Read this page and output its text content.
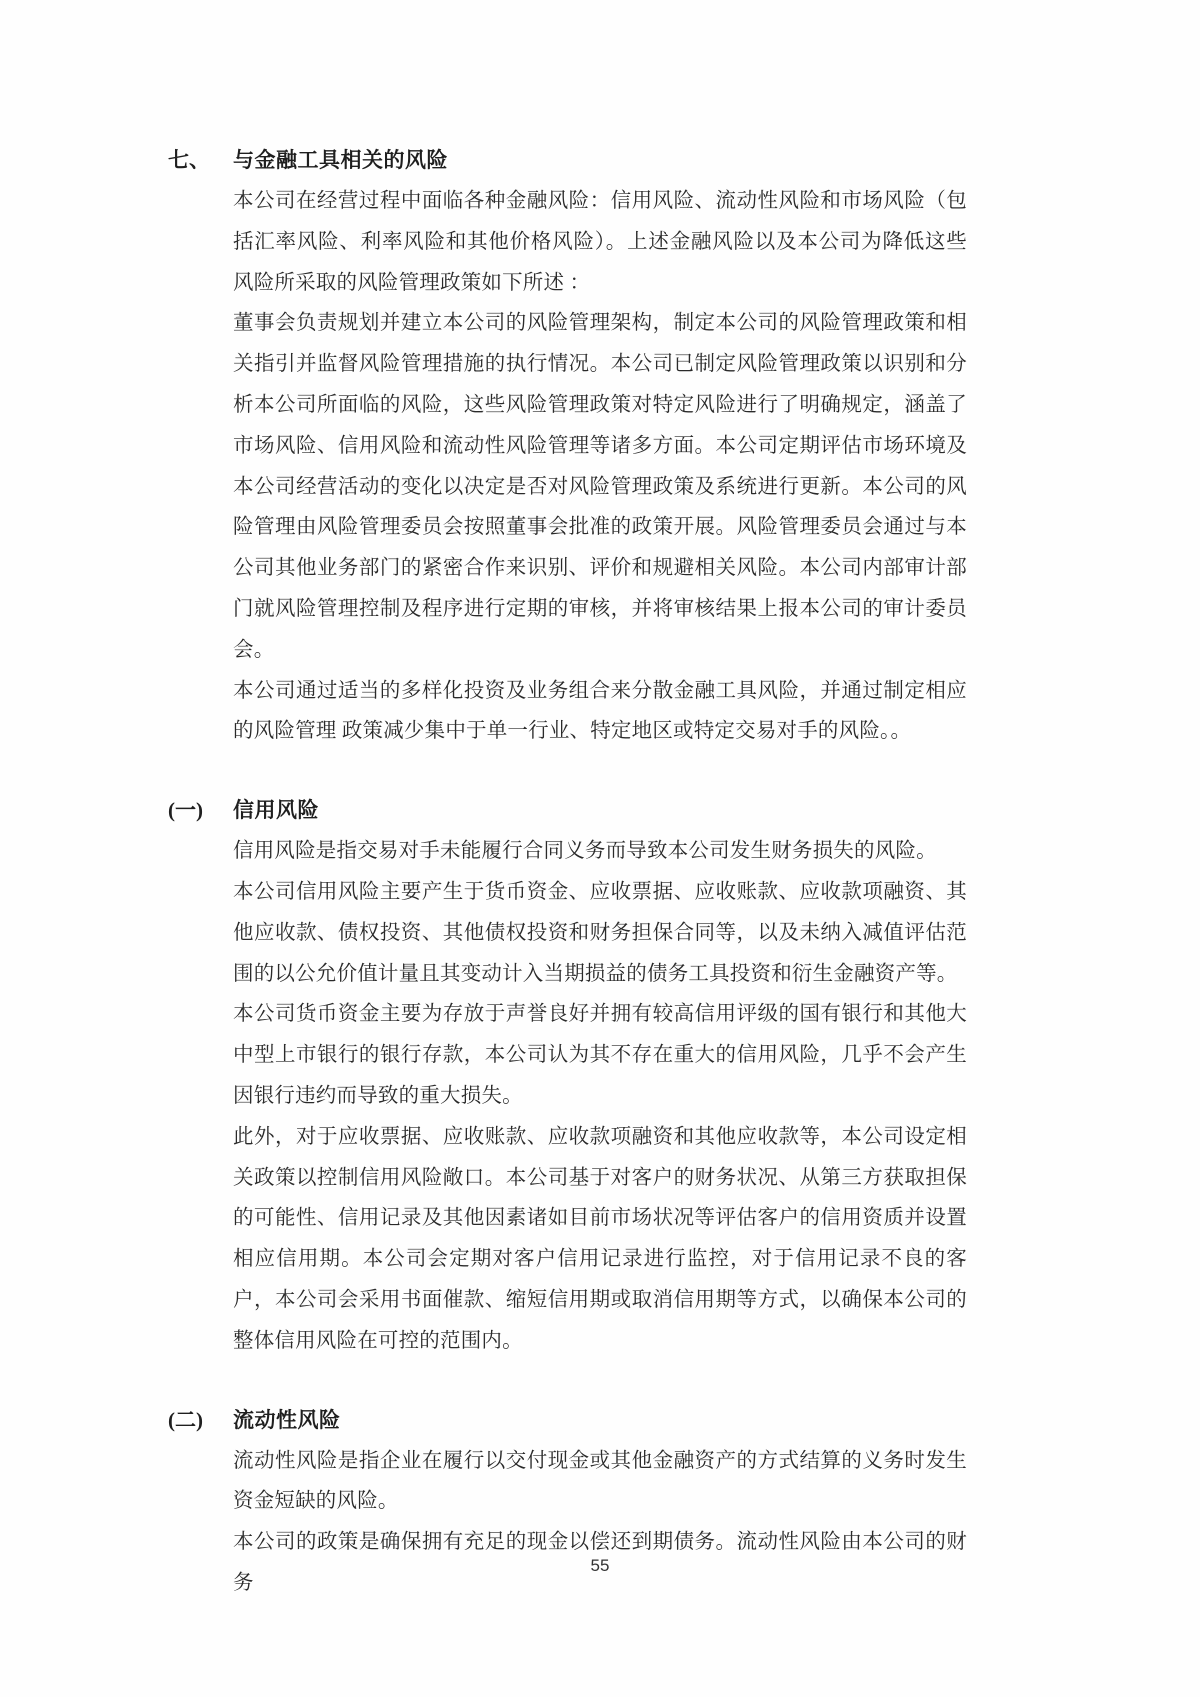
七、	与金融工具相关的风险

本公司在经营过程中面临各种金融风险：信用风险、流动性风险和市场风险（包括汇率风险、利率风险和其他价格风险）。上述金融风险以及本公司为降低这些风险所采取的风险管理政策如下所述 ：

董事会负责规划并建立本公司的风险管理架构，制定本公司的风险管理政策和相关指引并监督风险管理措施的执行情况。本公司已制定风险管理政策以识别和分析本公司所面临的风险，这些风险管理政策对特定风险进行了明确规定，涵盖了市场风险、信用风险和流动性风险管理等诸多方面。本公司定期评估市场环境及本公司经营活动的变化以决定是否对风险管理政策及系统进行更新。本公司的风险管理由风险管理委员会按照董事会批准的政策开展。风险管理委员会通过与本公司其他业务部门的紧密合作来识别、评价和规避相关风险。本公司内部审计部门就风险管理控制及程序进行定期的审核，并将审核结果上报本公司的审计委员会。

本公司通过适当的多样化投资及业务组合来分散金融工具风险，并通过制定相应的风险管理 政策减少集中于单一行业、特定地区或特定交易对手的风险。。

(一)	信用风险

信用风险是指交易对手未能履行合同义务而导致本公司发生财务损失的风险。

本公司信用风险主要产生于货币资金、应收票据、应收账款、应收款项融资、其他应收款、债权投资、其他债权投资和财务担保合同等，以及未纳入减值评估范围的以公允价值计量且其变动计入当期损益的债务工具投资和衍生金融资产等。

本公司货币资金主要为存放于声誉良好并拥有较高信用评级的国有银行和其他大中型上市银行的银行存款，本公司认为其不存在重大的信用风险，几乎不会产生因银行违约而导致的重大损失。

此外，对于应收票据、应收账款、应收款项融资和其他应收款等，本公司设定相关政策以控制信用风险敞口。本公司基于对客户的财务状况、从第三方获取担保的可能性、信用记录及其他因素诸如目前市场状况等评估客户的信用资质并设置相应信用期。本公司会定期对客户信用记录进行监控，对于信用记录不良的客户，本公司会采用书面催款、缩短信用期或取消信用期等方式，以确保本公司的整体信用风险在可控的范围内。

(二)	流动性风险

流动性风险是指企业在履行以交付现金或其他金融资产的方式结算的义务时发生资金短缺的风险。

本公司的政策是确保拥有充足的现金以偿还到期债务。流动性风险由本公司的财务

55
